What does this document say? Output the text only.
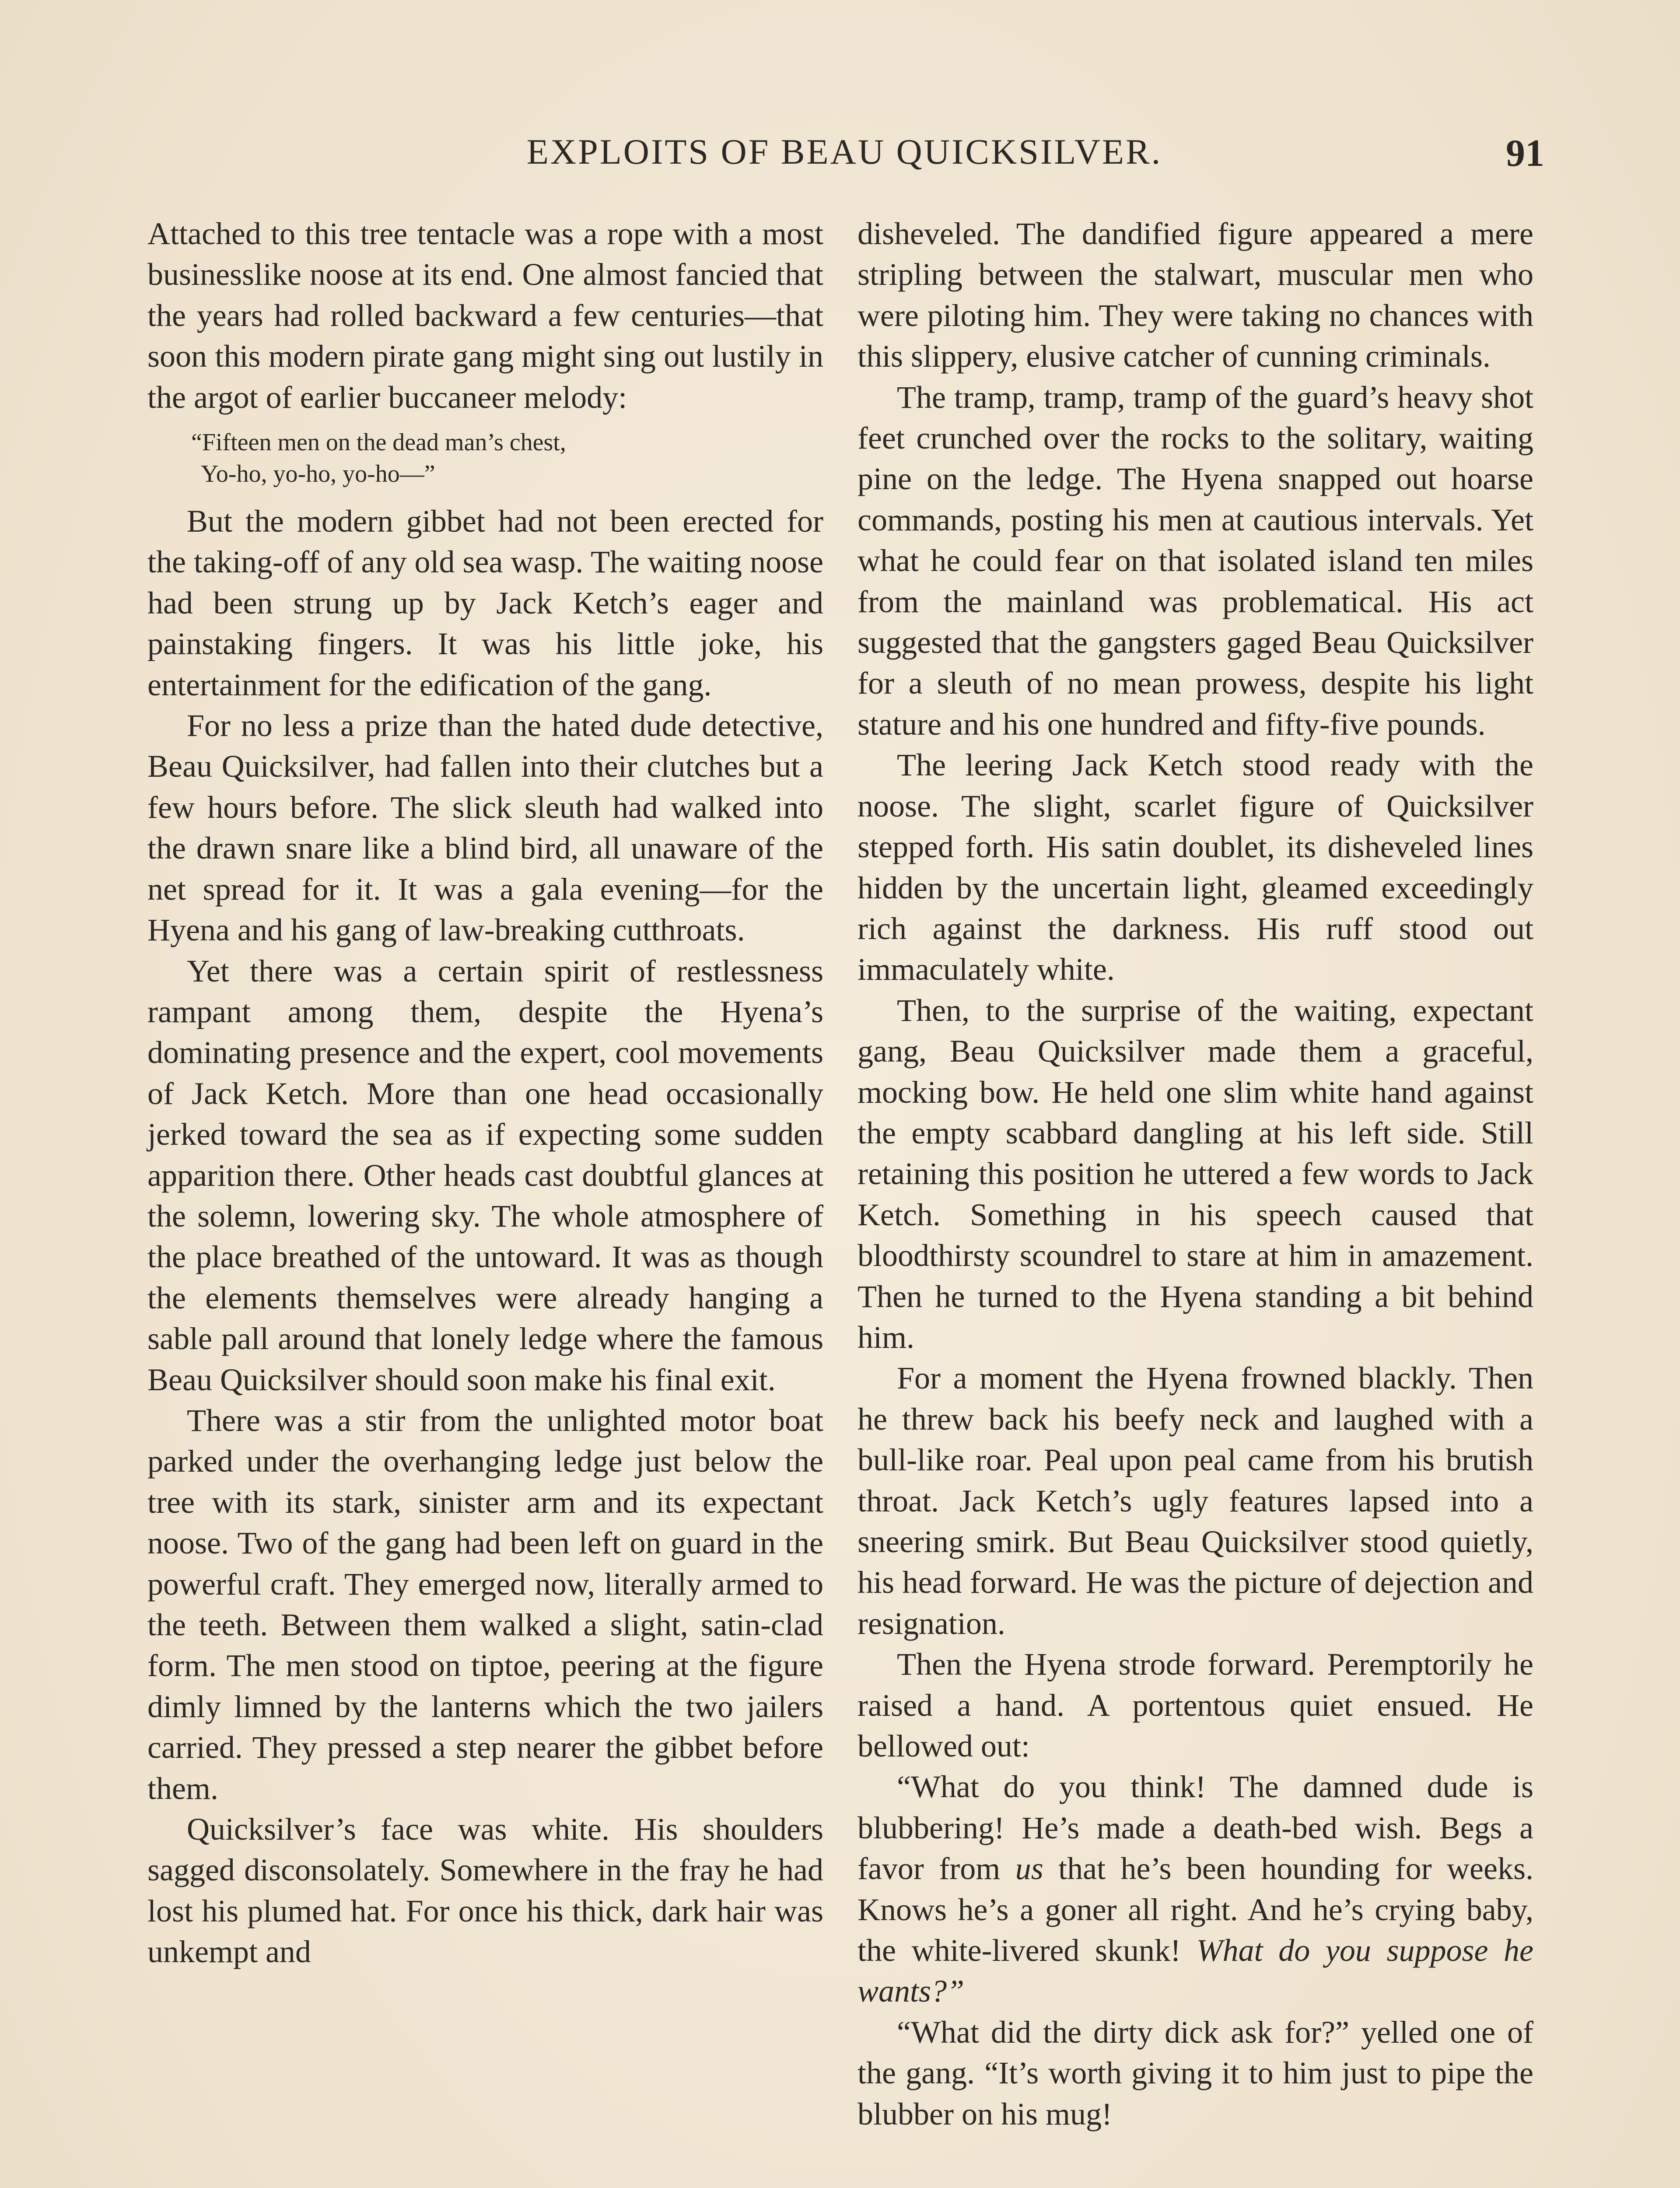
EXPLOITS OF BEAU QUICKSILVER.	91

Attached to this tree tentacle was a rope with a most businesslike noose at its end. One almost fancied that the years had rolled backward a few centuries—that soon this modern pirate gang might sing out lustily in the argot of earlier buccaneer melody:

“Fifteen men on the dead man’s chest,
Yo-ho, yo-ho, yo-ho—”

But the modern gibbet had not been erected for the taking-off of any old sea wasp. The waiting noose had been strung up by Jack Ketch’s eager and painstaking fingers. It was his little joke, his entertainment for the edification of the gang.

For no less a prize than the hated dude detective, Beau Quicksilver, had fallen into their clutches but a few hours before. The slick sleuth had walked into the drawn snare like a blind bird, all unaware of the net spread for it. It was a gala evening—for the Hyena and his gang of law-breaking cutthroats.

Yet there was a certain spirit of restlessness rampant among them, despite the Hyena’s dominating presence and the expert, cool movements of Jack Ketch. More than one head occasionally jerked toward the sea as if expecting some sudden apparition there. Other heads cast doubtful glances at the solemn, lowering sky. The whole atmosphere of the place breathed of the untoward. It was as though the elements themselves were already hanging a sable pall around that lonely ledge where the famous Beau Quicksilver should soon make his final exit.

There was a stir from the unlighted motor boat parked under the overhanging ledge just below the tree with its stark, sinister arm and its expectant noose. Two of the gang had been left on guard in the powerful craft. They emerged now, literally armed to the teeth. Between them walked a slight, satin-clad form. The men stood on tiptoe, peering at the figure dimly limned by the lanterns which the two jailers carried. They pressed a step nearer the gibbet before them.

Quicksilver’s face was white. His shoulders sagged disconsolately. Somewhere in the fray he had lost his plumed hat. For once his thick, dark hair was unkempt and

disheveled. The dandified figure appeared a mere stripling between the stalwart, muscular men who were piloting him. They were taking no chances with this slippery, elusive catcher of cunning criminals.

The tramp, tramp, tramp of the guard’s heavy shot feet crunched over the rocks to the solitary, waiting pine on the ledge. The Hyena snapped out hoarse commands, posting his men at cautious intervals. Yet what he could fear on that isolated island ten miles from the mainland was problematical. His act suggested that the gangsters gaged Beau Quicksilver for a sleuth of no mean prowess, despite his light stature and his one hundred and fifty-five pounds.

The leering Jack Ketch stood ready with the noose. The slight, scarlet figure of Quicksilver stepped forth. His satin doublet, its disheveled lines hidden by the uncertain light, gleamed exceedingly rich against the darkness. His ruff stood out immaculately white.

Then, to the surprise of the waiting, expectant gang, Beau Quicksilver made them a graceful, mocking bow. He held one slim white hand against the empty scabbard dangling at his left side. Still retaining this position he uttered a few words to Jack Ketch. Something in his speech caused that bloodthirsty scoundrel to stare at him in amazement. Then he turned to the Hyena standing a bit behind him.

For a moment the Hyena frowned blackly. Then he threw back his beefy neck and laughed with a bull-like roar. Peal upon peal came from his brutish throat. Jack Ketch’s ugly features lapsed into a sneering smirk. But Beau Quicksilver stood quietly, his head forward. He was the picture of dejection and resignation.

Then the Hyena strode forward. Peremptorily he raised a hand. A portentous quiet ensued. He bellowed out:

“What do you think! The damned dude is blubbering! He’s made a death-bed wish. Begs a favor from us that he’s been hounding for weeks. Knows he’s a goner all right. And he’s crying baby, the white-livered skunk! What do you suppose he wants?”

“What did the dirty dick ask for?” yelled one of the gang. “It’s worth giving it to him just to pipe the blubber on his mug!
